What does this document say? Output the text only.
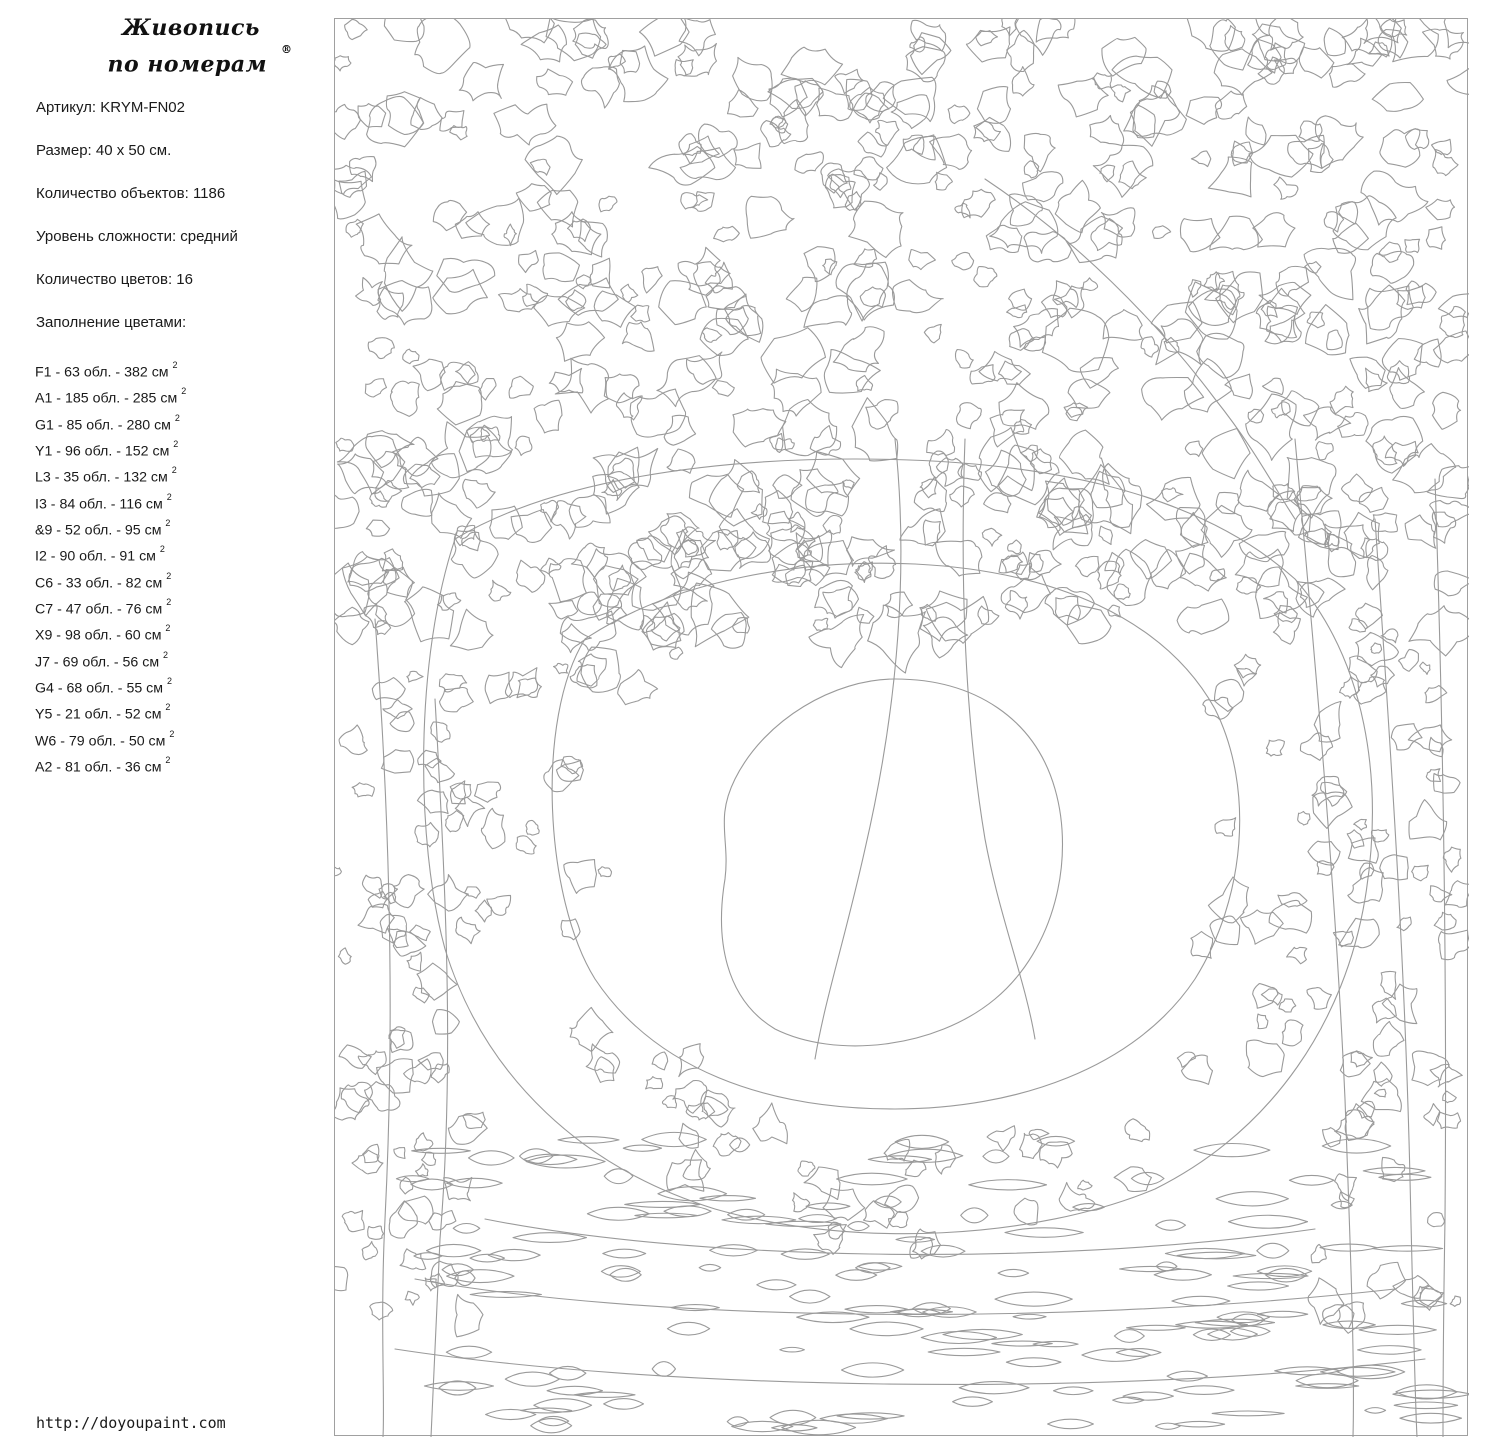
Живопись
по номерам®
Артикул: KRYM-FN02
Размер: 40 x 50 см.
Количество объектов: 1186
Уровень сложности: средний
Количество цветов: 16
Заполнение цветами:
F1 - 63 обл. - 382 см $^2$
A1 - 185 обл. - 285 см $^2$
G1 - 85 обл. - 280 см $^2$
Y1 - 96 обл. - 152 см $^2$
L3 - 35 обл. - 132 см $^2$
I3 - 84 обл. - 116 см $^2$
&9 - 52 обл. - 95 см $^2$
I2 - 90 обл. - 91 см $^2$
C6 - 33 обл. - 82 см $^2$
C7 - 47 обл. - 76 см $^2$
X9 - 98 обл. - 60 см $^2$
J7 - 69 обл. - 56 см $^2$
G4 - 68 обл. - 55 см $^2$
Y5 - 21 обл. - 52 см $^2$
W6 - 79 обл. - 50 см $^2$
A2 - 81 обл. - 36 см $^2$
http://doyoupaint.com
